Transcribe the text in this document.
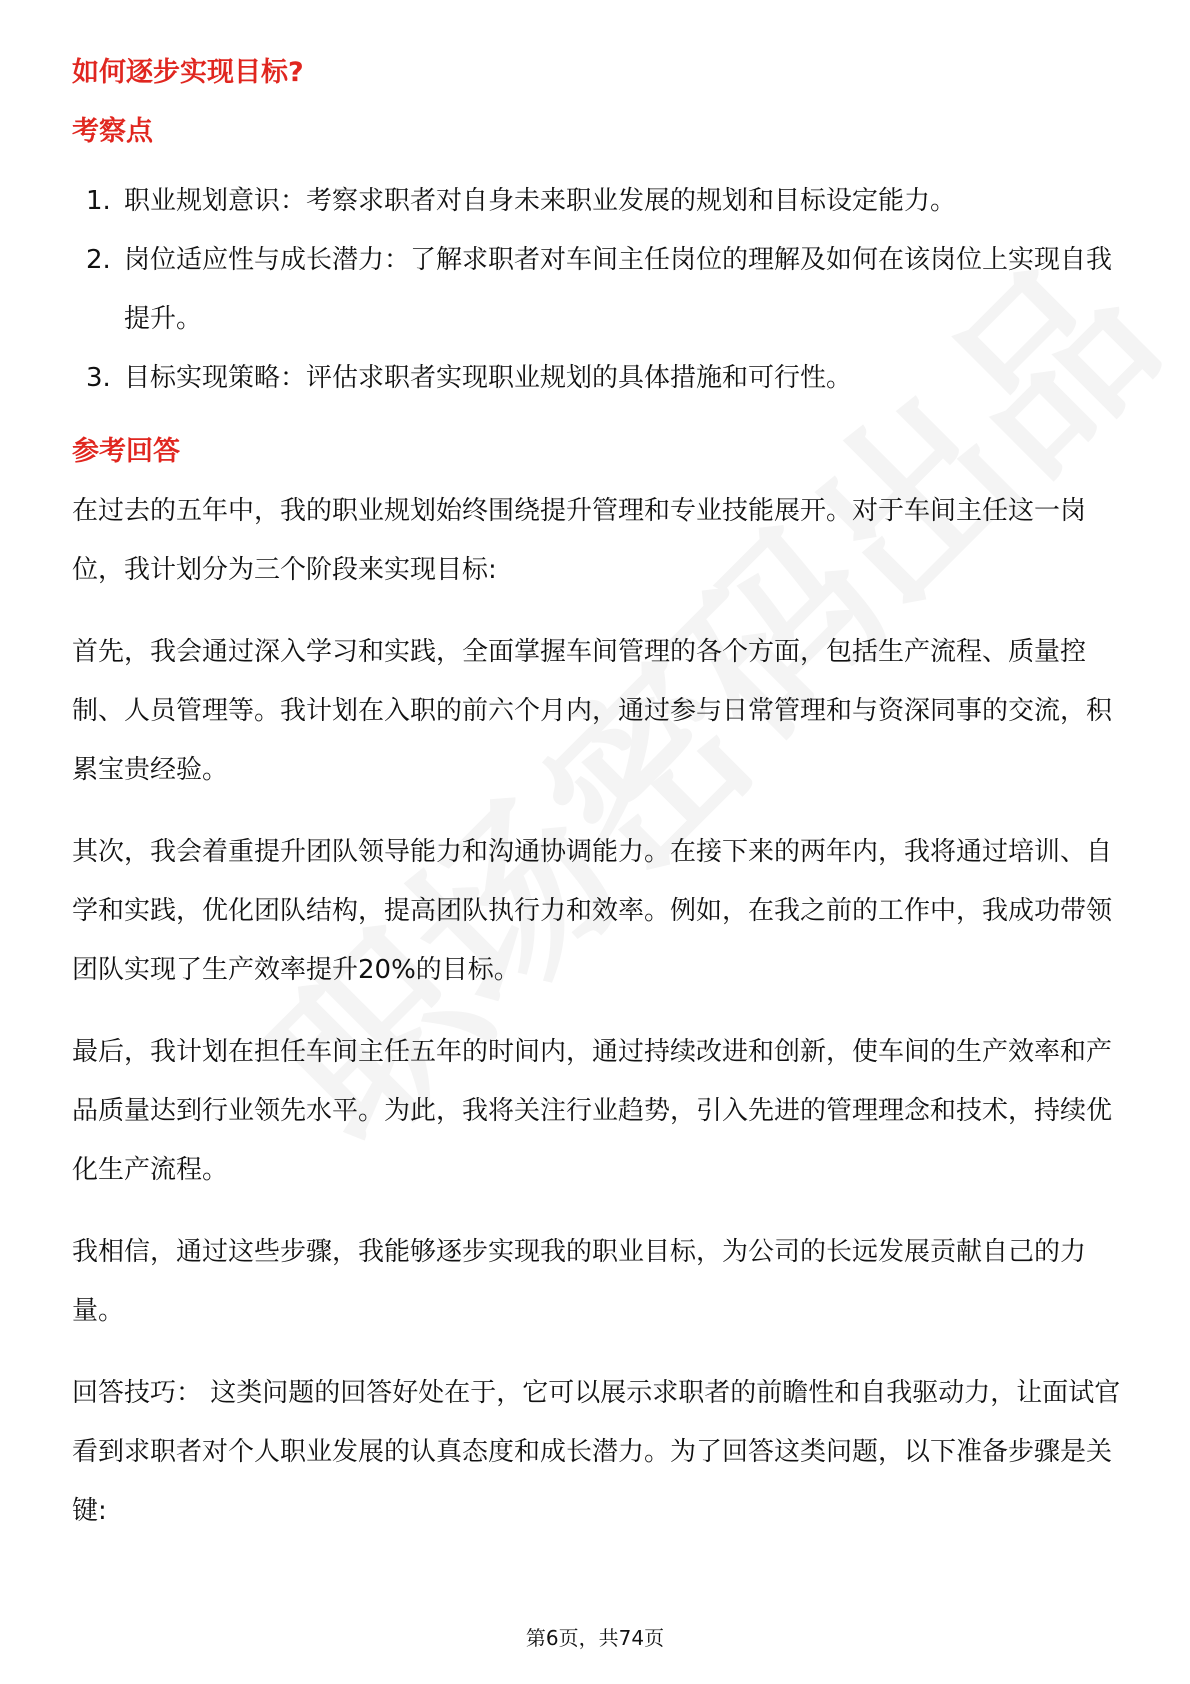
如何逐步实现目标?
考察点
1. 职业规划意识：考察求职者对自身未来职业发展的规划和目标设定能力。
2. 岗位适应性与成长潜力：了解求职者对车间主任岗位的理解及如何在该岗位上实现自我提升。
3. 目标实现策略：评估求职者实现职业规划的具体措施和可行性。
参考回答

在过去的五年中，我的职业规划始终围绕提升管理和专业技能展开。对于车间主任这一岗位，我计划分为三个阶段来实现目标:

首先，我会通过深入学习和实践，全面掌握车间管理的各个方面，包括生产流程、质量控制、人员管理等。我计划在入职的前六个月内，通过参与日常管理和与资深同事的交流，积累宝贵经验。

其次，我会着重提升团队领导能力和沟通协调能力。在接下来的两年内，我将通过培训、自学和实践，优化团队结构，提高团队执行力和效率。例如，在我之前的工作中，我成功带领团队实现了生产效率提升20%的目标。

最后，我计划在担任车间主任五年的时间内，通过持续改进和创新，使车间的生产效率和产品质量达到行业领先水平。为此，我将关注行业趋势，引入先进的管理理念和技术，持续优化生产流程。

我相信，通过这些步骤，我能够逐步实现我的职业目标，为公司的长远发展贡献自己的力量。

回答技巧： 这类问题的回答好处在于，它可以展示求职者的前瞻性和自我驱动力，让面试官看到求职者对个人职业发展的认真态度和成长潜力。为了回答这类问题，以下准备步骤是关键:

第6页，共74页
